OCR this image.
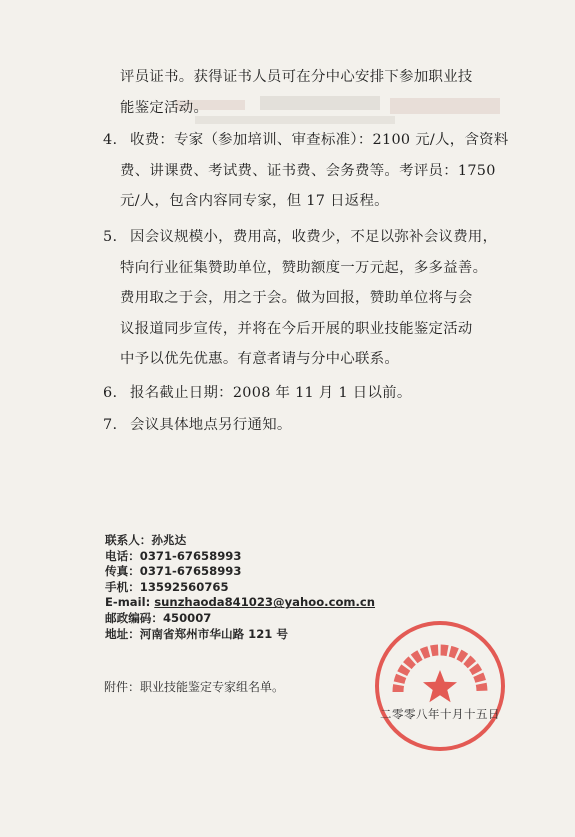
评员证书。获得证书人员可在分中心安排下参加职业技
能鉴定活动。
4. 收费：专家（参加培训、审查标准）：2100 元/人，含资料
费、讲课费、考试费、证书费、会务费等。考评员：1750
元/人，包含内容同专家，但 17 日返程。
5. 因会议规模小，费用高，收费少，不足以弥补会议费用，
特向行业征集赞助单位，赞助额度一万元起，多多益善。
费用取之于会，用之于会。做为回报，赞助单位将与会
议报道同步宣传，并将在今后开展的职业技能鉴定活动
中予以优先优惠。有意者请与分中心联系。
6. 报名截止日期：2008 年 11 月 1 日以前。
7. 会议具体地点另行通知。
联系人：孙兆达
电话：0371-67658993
传真：0371-67658993
手机：13592560765
E-mail: sunzhaoda841023@yahoo.com.cn
邮政编码：450007
地址：河南省郑州市华山路 121 号
附件：职业技能鉴定专家组名单。
二零零八年十月十五日
